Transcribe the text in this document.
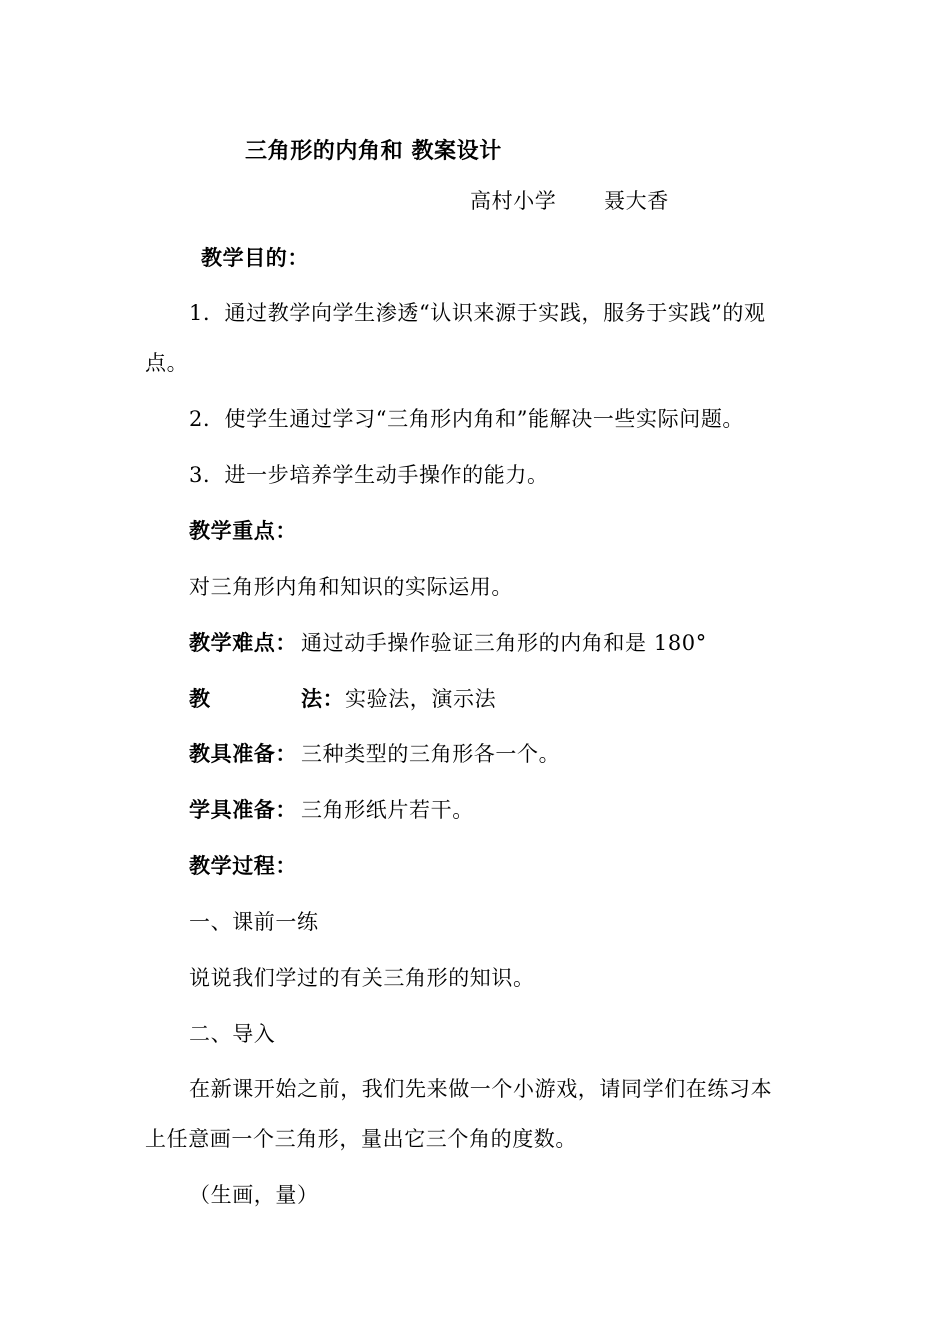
三角形的内角和 教案设计
高村小学 聂大香
教学目的：
1．通过教学向学生渗透“认识来源于实践，服务于实践”的观
点。
2．使学生通过学习“三角形内角和”能解决一些实际问题。
3．进一步培养学生动手操作的能力。
教学重点：
对三角形内角和知识的实际运用。
教学难点： 通过动手操作验证三角形的内角和是 180°
教	法： 实验法，演示法
教具准备： 三种类型的三角形各一个。
学具准备： 三角形纸片若干。
教学过程：
一、课前一练
说说我们学过的有关三角形的知识。
二、导入
在新课开始之前，我们先来做一个小游戏，请同学们在练习本
上任意画一个三角形，量出它三个角的度数。
（生画，量）
